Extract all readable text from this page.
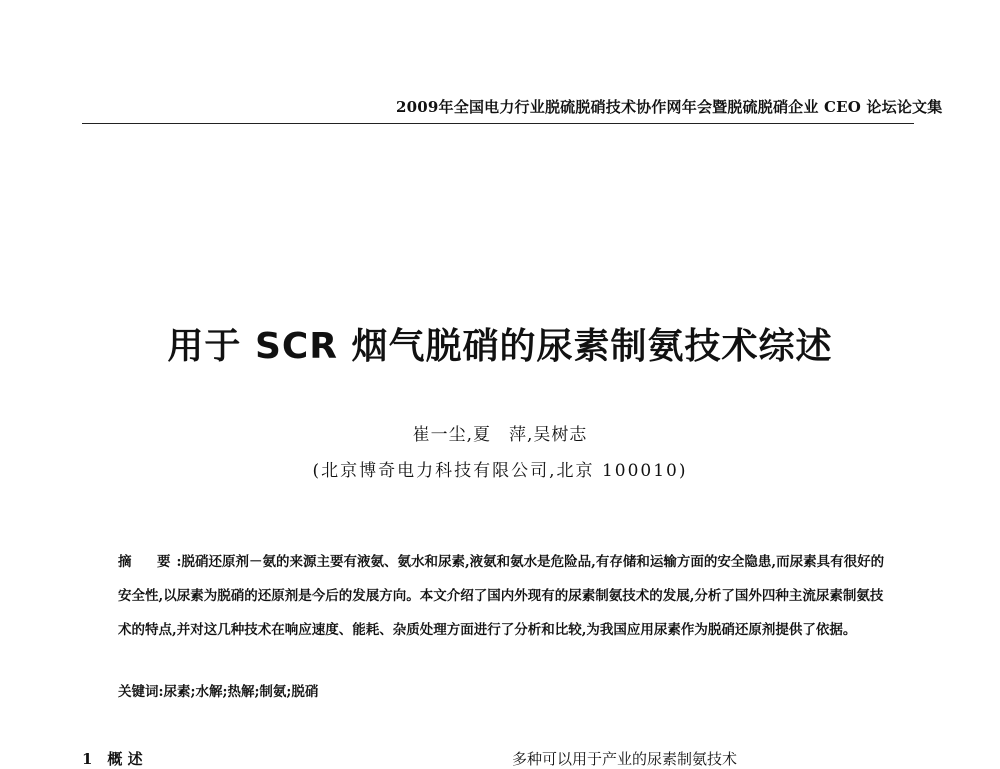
2009年全国电力行业脱硫脱硝技术协作网年会暨脱硫脱硝企业 CEO 论坛论文集
用于 SCR 烟气脱硝的尿素制氨技术综述
崔一尘,夏　萍,吴树志
(北京博奇电力科技有限公司,北京 100010)
摘　要:脱硝还原剂－氨的来源主要有液氨、氨水和尿素,液氨和氨水是危险品,有存储和运输方面的安全隐患,而尿素具有很好的安全性,以尿素为脱硝的还原剂是今后的发展方向。本文介绍了国内外现有的尿素制氨技术的发展,分析了国外四种主流尿素制氨技术的特点,并对这几种技术在响应速度、能耗、杂质处理方面进行了分析和比较,为我国应用尿素作为脱硝还原剂提供了依据。
关键词:尿素;水解;热解;制氨;脱硝
1　概 述	多种可以用于产业的尿素制氨技术
